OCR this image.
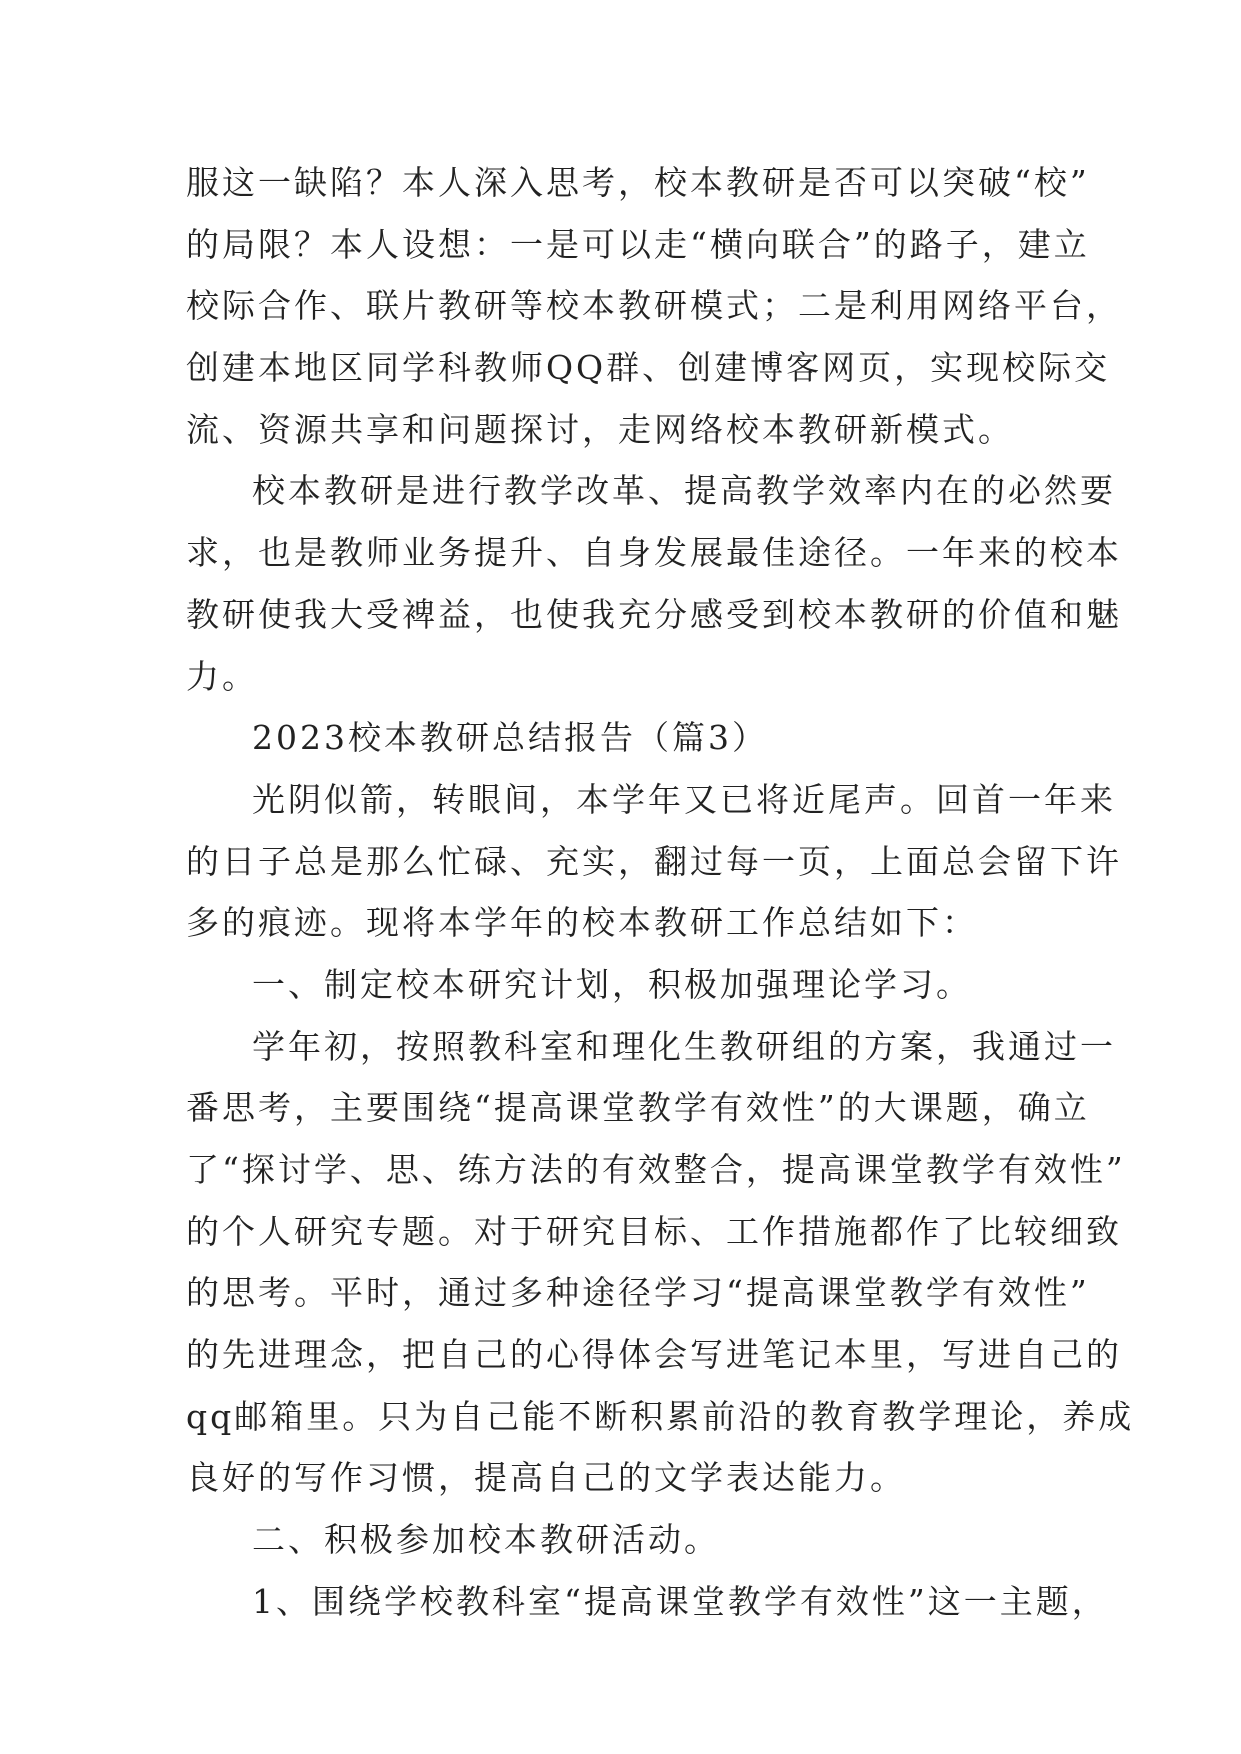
服这一缺陷？本人深入思考，校本教研是否可以突破“校”
的局限？本人设想：一是可以走“横向联合”的路子，建立
校际合作、联片教研等校本教研模式；二是利用网络平台，
创建本地区同学科教师QQ群、创建博客网页，实现校际交
流、资源共享和问题探讨，走网络校本教研新模式。
校本教研是进行教学改革、提高教学效率内在的必然要
求，也是教师业务提升、自身发展最佳途径。一年来的校本
教研使我大受裨益，也使我充分感受到校本教研的价值和魅
力。
2023校本教研总结报告（篇3）
光阴似箭，转眼间，本学年又已将近尾声。回首一年来
的日子总是那么忙碌、充实，翻过每一页，上面总会留下许
多的痕迹。现将本学年的校本教研工作总结如下：
一、制定校本研究计划，积极加强理论学习。
学年初，按照教科室和理化生教研组的方案，我通过一
番思考，主要围绕“提高课堂教学有效性”的大课题，确立
了“探讨学、思、练方法的有效整合，提高课堂教学有效性”
的个人研究专题。对于研究目标、工作措施都作了比较细致
的思考。平时，通过多种途径学习“提高课堂教学有效性”
的先进理念，把自己的心得体会写进笔记本里，写进自己的
qq邮箱里。只为自己能不断积累前沿的教育教学理论，养成
良好的写作习惯，提高自己的文学表达能力。
二、积极参加校本教研活动。
1、围绕学校教科室“提高课堂教学有效性”这一主题，
